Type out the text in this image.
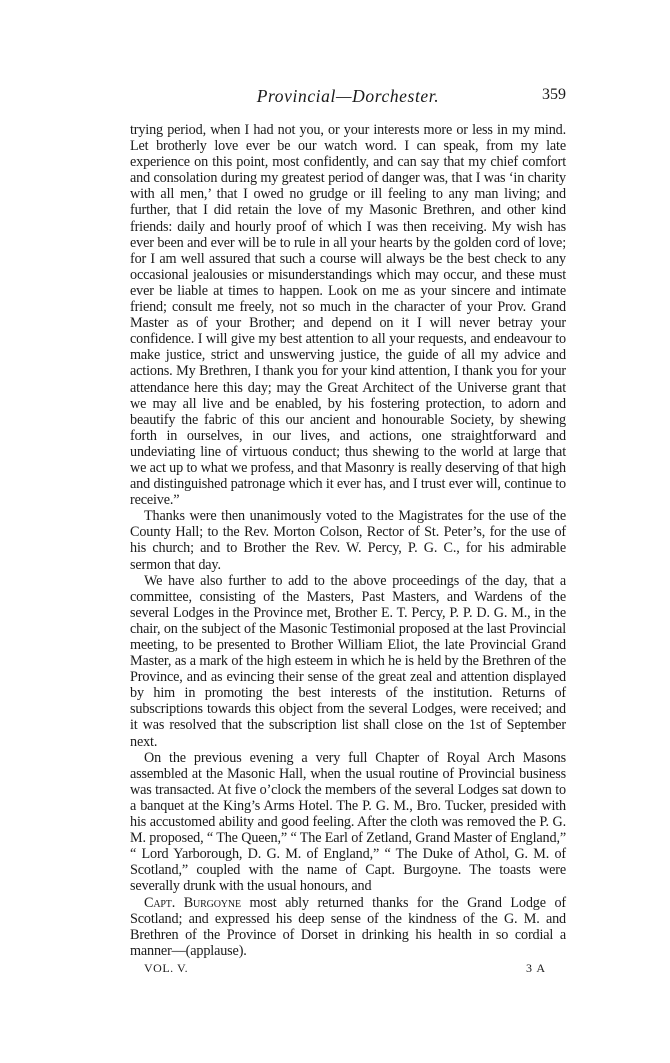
Provincial—Dorchester.	359

trying period, when I had not you, or your interests more or less in my mind. Let brotherly love ever be our watch word. I can speak, from my late experience on this point, most confidently, and can say that my chief comfort and consolation during my greatest period of danger was, that I was ‘in charity with all men,’ that I owed no grudge or ill feeling to any man living; and further, that I did retain the love of my Masonic Brethren, and other kind friends: daily and hourly proof of which I was then receiving. My wish has ever been and ever will be to rule in all your hearts by the golden cord of love; for I am well assured that such a course will always be the best check to any occasional jealousies or misunderstandings which may occur, and these must ever be liable at times to happen. Look on me as your sincere and intimate friend; consult me freely, not so much in the character of your Prov. Grand Master as of your Brother; and depend on it I will never betray your confidence. I will give my best attention to all your requests, and endeavour to make justice, strict and unswerving justice, the guide of all my advice and actions. My Brethren, I thank you for your kind attention, I thank you for your attendance here this day; may the Great Architect of the Universe grant that we may all live and be enabled, by his fostering protection, to adorn and beautify the fabric of this our ancient and honourable Society, by shewing forth in ourselves, in our lives, and actions, one straightforward and undeviating line of virtuous conduct; thus shewing to the world at large that we act up to what we profess, and that Masonry is really deserving of that high and distinguished patronage which it ever has, and I trust ever will, continue to receive.”

Thanks were then unanimously voted to the Magistrates for the use of the County Hall; to the Rev. Morton Colson, Rector of St. Peter’s, for the use of his church; and to Brother the Rev. W. Percy, P. G. C., for his admirable sermon that day.

We have also further to add to the above proceedings of the day, that a committee, consisting of the Masters, Past Masters, and Wardens of the several Lodges in the Province met, Brother E. T. Percy, P. P. D. G. M., in the chair, on the subject of the Masonic Testimonial proposed at the last Provincial meeting, to be presented to Brother William Eliot, the late Provincial Grand Master, as a mark of the high esteem in which he is held by the Brethren of the Province, and as evincing their sense of the great zeal and attention displayed by him in promoting the best interests of the institution. Returns of subscriptions towards this object from the several Lodges, were received; and it was resolved that the subscription list shall close on the 1st of September next.

On the previous evening a very full Chapter of Royal Arch Masons assembled at the Masonic Hall, when the usual routine of Provincial business was transacted. At five o’clock the members of the several Lodges sat down to a banquet at the King’s Arms Hotel. The P. G. M., Bro. Tucker, presided with his accustomed ability and good feeling. After the cloth was removed the P. G. M. proposed, “ The Queen,” “ The Earl of Zetland, Grand Master of England,” “ Lord Yarborough, D. G. M. of England,” “ The Duke of Athol, G. M. of Scotland,” coupled with the name of Capt. Burgoyne. The toasts were severally drunk with the usual honours, and

Capt. Burgoyne most ably returned thanks for the Grand Lodge of Scotland; and expressed his deep sense of the kindness of the G. M. and Brethren of the Province of Dorset in drinking his health in so cordial a manner—(applause).

VOL. V.	3 A
